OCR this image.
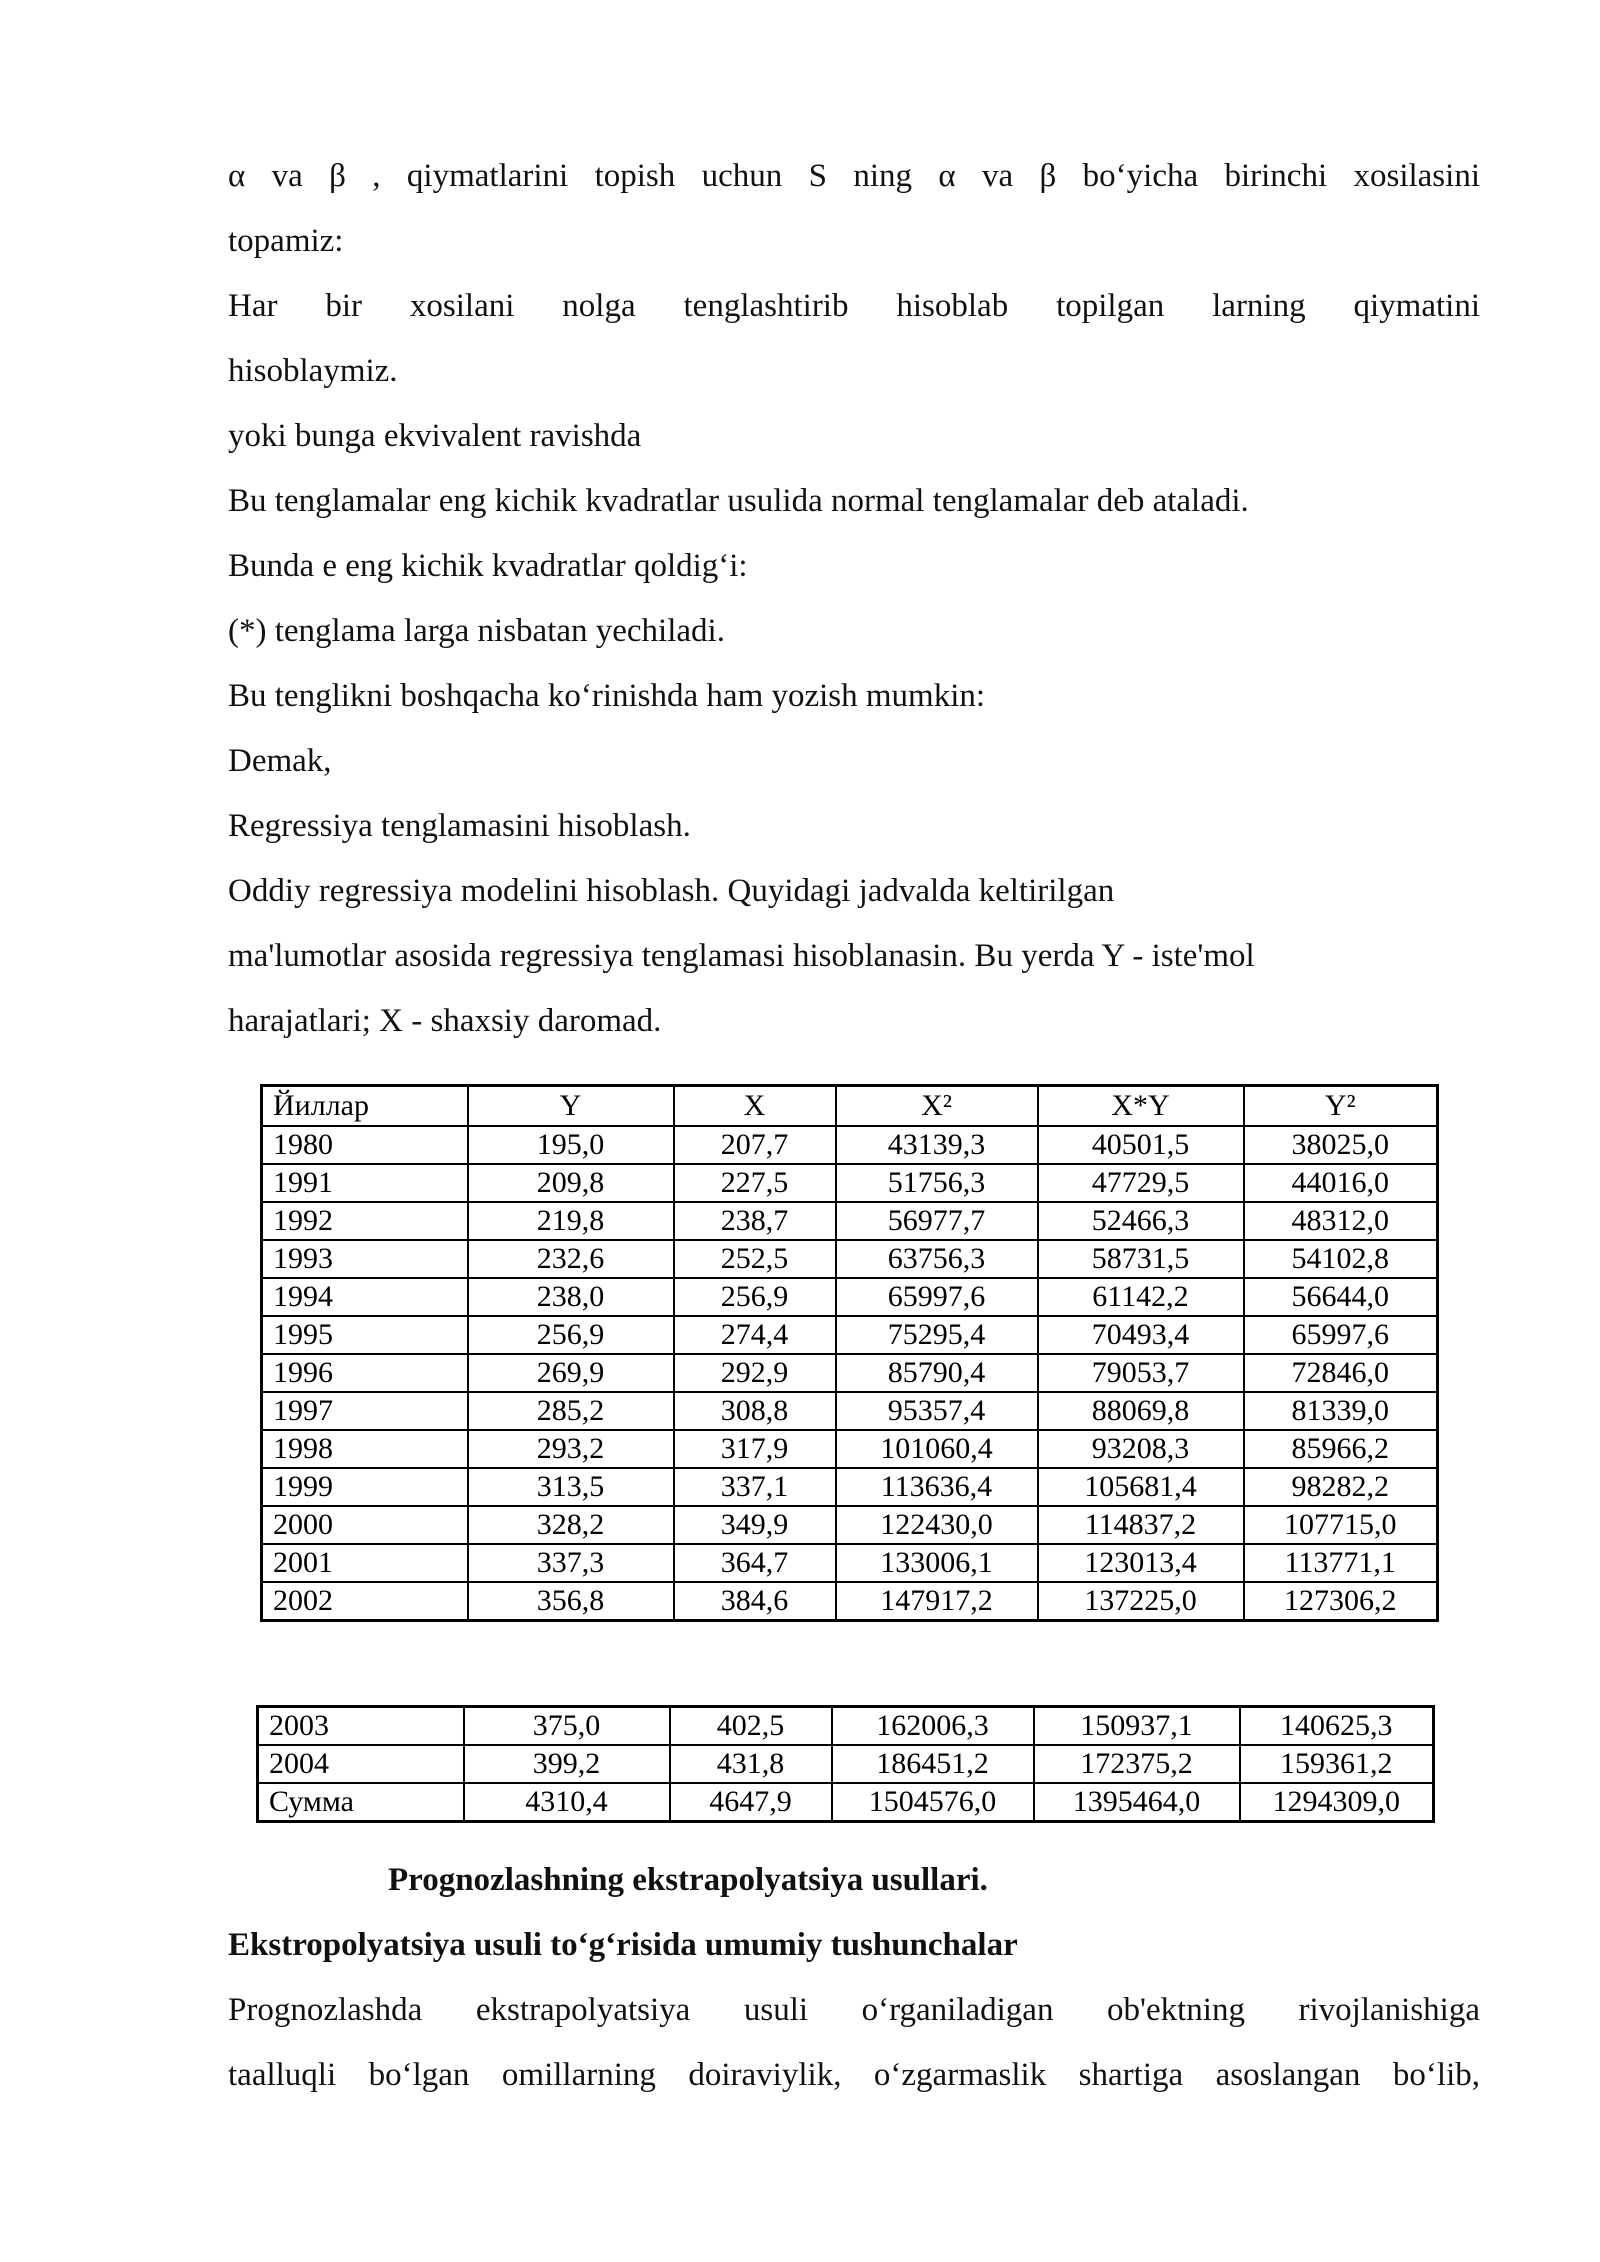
α va β , qiymatlarini topish uchun S ning α va β bo‘yicha birinchi xosilasini
topamiz:
Har bir xosilani nolga tenglashtirib hisoblab topilgan larning qiymatini
hisoblaymiz.
yoki bunga ekvivalent ravishda
Bu tenglamalar eng kichik kvadratlar usulida normal tenglamalar deb ataladi.
Bunda e eng kichik kvadratlar qoldig‘i:
(*) tenglama larga nisbatan yechiladi.
Bu tenglikni boshqacha ko‘rinishda ham yozish mumkin:
Demak,
Regressiya tenglamasini hisoblash.
Oddiy regressiya modelini hisoblash. Quyidagi jadvalda keltirilgan
ma'lumotlar asosida regressiya tenglamasi hisoblanasin. Bu yerda Y - iste'mol
harajatlari; X - shaxsiy daromad.
Йиллар	Y	X	X²	X*Y	Y²
1980	195,0	207,7	43139,3	40501,5	38025,0
1991	209,8	227,5	51756,3	47729,5	44016,0
1992	219,8	238,7	56977,7	52466,3	48312,0
1993	232,6	252,5	63756,3	58731,5	54102,8
1994	238,0	256,9	65997,6	61142,2	56644,0
1995	256,9	274,4	75295,4	70493,4	65997,6
1996	269,9	292,9	85790,4	79053,7	72846,0
1997	285,2	308,8	95357,4	88069,8	81339,0
1998	293,2	317,9	101060,4	93208,3	85966,2
1999	313,5	337,1	113636,4	105681,4	98282,2
2000	328,2	349,9	122430,0	114837,2	107715,0
2001	337,3	364,7	133006,1	123013,4	113771,1
2002	356,8	384,6	147917,2	137225,0	127306,2
2003	375,0	402,5	162006,3	150937,1	140625,3
2004	399,2	431,8	186451,2	172375,2	159361,2
Сумма	4310,4	4647,9	1504576,0	1395464,0	1294309,0
Prognozlashning ekstrapolyatsiya usullari.
Ekstropolyatsiya usuli to‘g‘risida umumiy tushunchalar
Prognozlashda ekstrapolyatsiya usuli o‘rganiladigan ob'ektning rivojlanishiga
taalluqli bo‘lgan omillarning doiraviylik, o‘zgarmaslik shartiga asoslangan bo‘lib,
